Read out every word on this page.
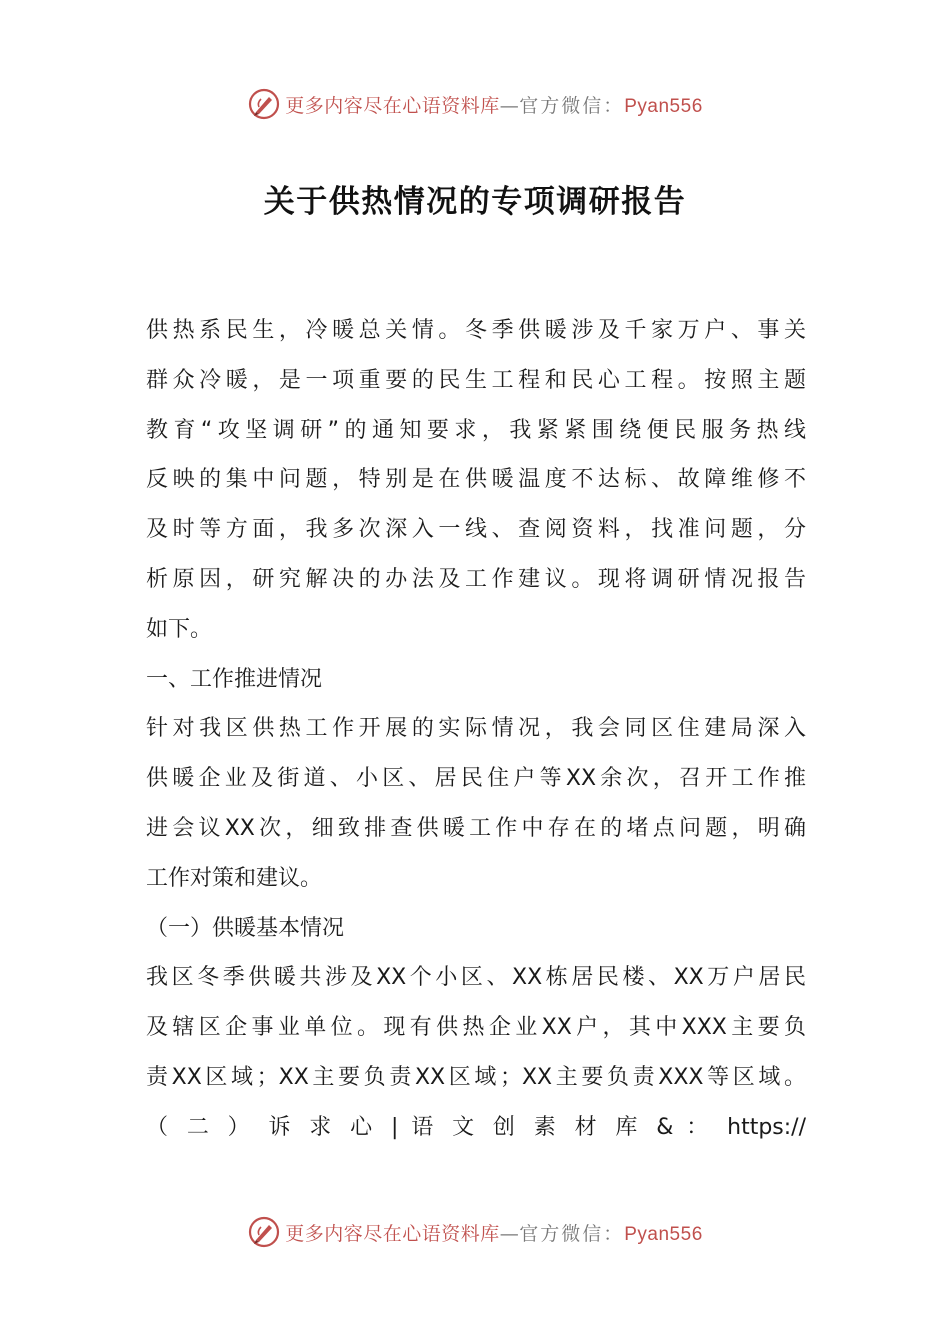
更多内容尽在心语资料库—官方微信：Pyan556
关于供热情况的专项调研报告
供热系民生，冷暖总关情。冬季供暖涉及千家万户、事关
群众冷暖，是一项重要的民生工程和民心工程。按照主题
教育“攻坚调研”的通知要求，我紧紧围绕便民服务热线
反映的集中问题，特别是在供暖温度不达标、故障维修不
及时等方面，我多次深入一线、查阅资料，找准问题，分
析原因，研究解决的办法及工作建议。现将调研情况报告
如下。
一、工作推进情况
针对我区供热工作开展的实际情况，我会同区住建局深入
供暖企业及街道、小区、居民住户等XX余次，召开工作推
进会议XX次，细致排查供暖工作中存在的堵点问题，明确
工作对策和建议。
（一）供暖基本情况
我区冬季供暖共涉及XX个小区、XX栋居民楼、XX万户居民
及辖区企事业单位。现有供热企业XX户，其中XXX主要负
责XX区域；XX主要负责XX区域；XX主要负责XXX等区域。
（ 二 ） 诉 求 心 | 语 文 创 素 材 库 & ： https://
更多内容尽在心语资料库—官方微信：Pyan556
